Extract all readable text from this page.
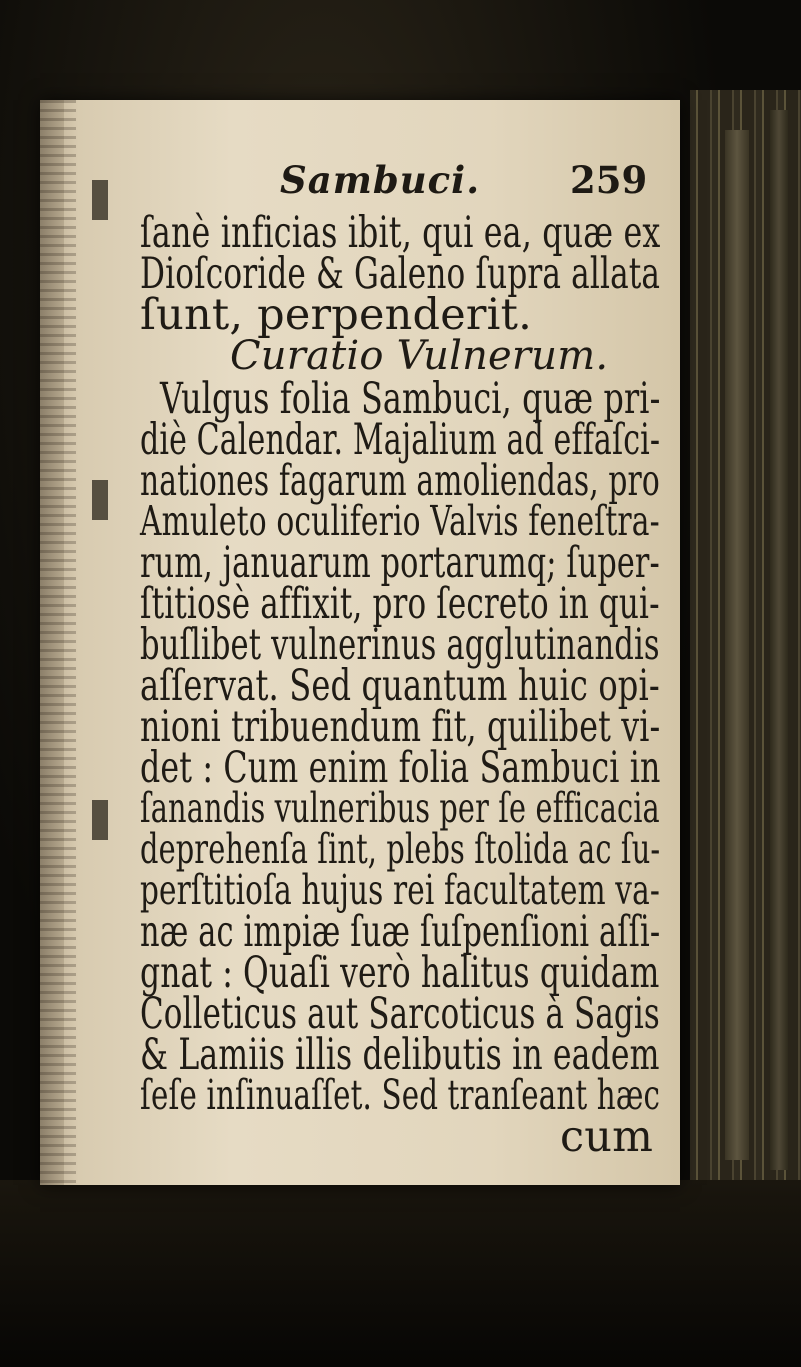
Sambuci. 259
ſanè inficias ibit, qui ea, quæ ex
Dioſcoride & Galeno ſupra allata
ſunt, perpenderit.
Curatio Vulnerum.
Vulgus folia Sambuci, quæ pri-
diè Calendar. Majalium ad effaſci-
nationes fagarum amoliendas, pro
Amuleto oculiferio Valvis feneſtra-
rum, januarum portarumq; ſuper-
ſtitiosè affixit, pro ſecreto in qui-
buſlibet vulnerinus agglutinandis
aſſervat. Sed quantum huic opi-
nioni tribuendum fit, quilibet vi-
det : Cum enim folia Sambuci in
ſanandis vulneribus per ſe efficacia
deprehenſa ſint, plebs ſtolida ac ſu-
perſtitioſa hujus rei facultatem va-
næ ac impiæ ſuæ ſuſpenſioni aſſi-
gnat : Quaſi verò halitus quidam
Colleticus aut Sarcoticus à Sagis
& Lamiis illis delibutis in eadem
ſeſe inſinuaſſet. Sed tranſeant hæc
cum
